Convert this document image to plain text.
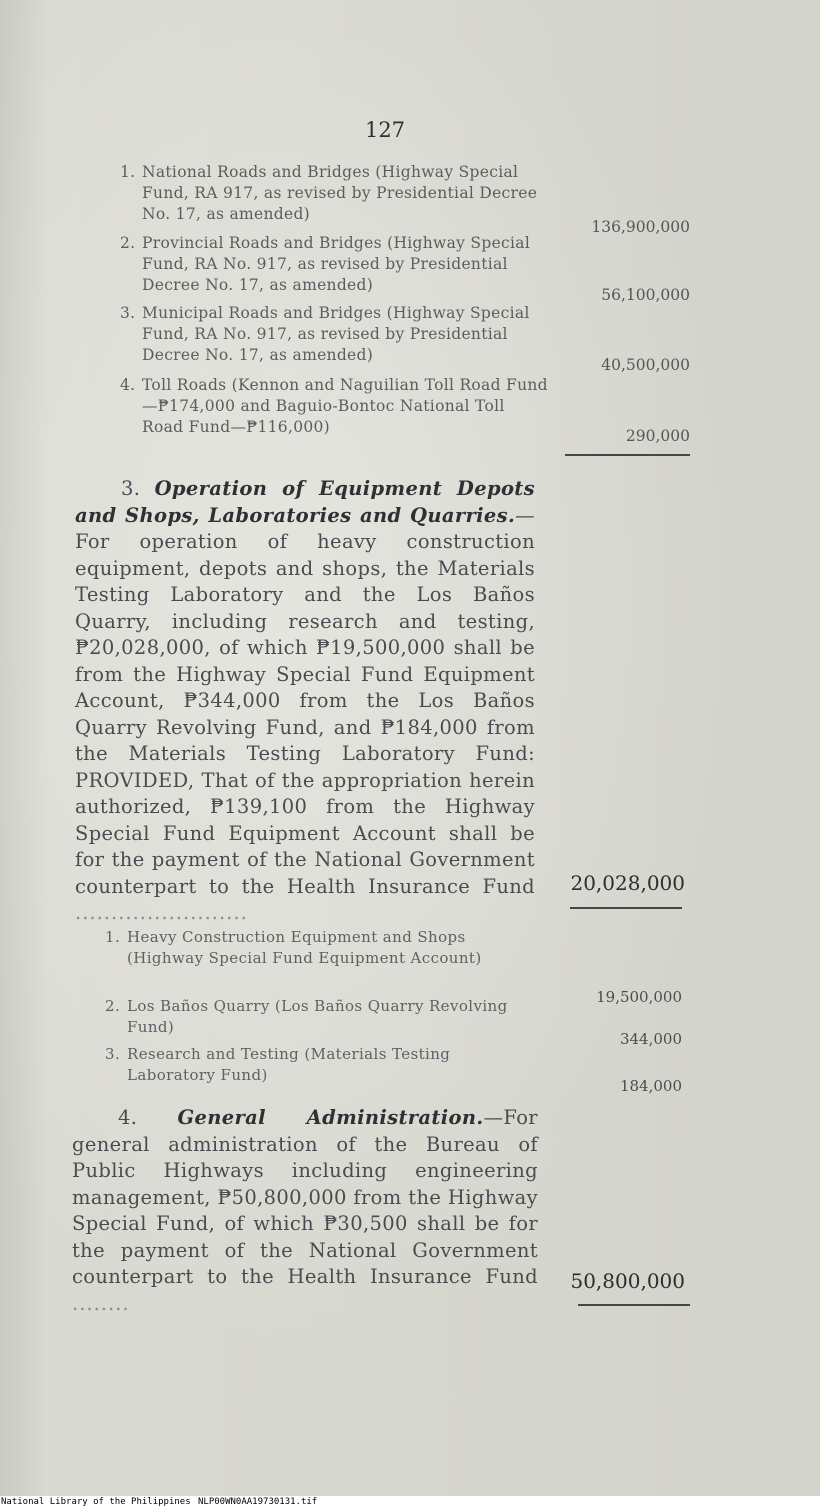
127
1. National Roads and Bridges (Highway Special Fund, RA 917, as revised by Presidential Decree No. 17, as amended)
136,900,000
2. Provincial Roads and Bridges (Highway Special Fund, RA No. 917, as revised by Presidential Decree No. 17, as amended)
56,100,000
3. Municipal Roads and Bridges (Highway Special Fund, RA No. 917, as revised by Presidential Decree No. 17, as amended)
40,500,000
4. Toll Roads (Kennon and Naguilian Toll Road Fund—₱174,000 and Baguio-Bontoc National Toll Road Fund—₱116,000)	290,000
3. Operation of Equipment Depots and Shops, Laboratories and Quarries.—For operation of heavy construction equipment, depots and shops, the Materials Testing Laboratory and the Los Baños Quarry, including research and testing, ₱20,028,000, of which ₱19,500,000 shall be from the Highway Special Fund Equipment Account, ₱344,000 from the Los Baños Quarry Revolving Fund, and ₱184,000 from the Materials Testing Laboratory Fund: PROVIDED, That of the appropriation herein authorized, ₱139,100 from the Highway Special Fund Equipment Account shall be for the payment of the National Government counterpart to the Health Insurance Fund ........................
20,028,000
1. Heavy Construction Equipment and Shops (Highway Special Fund Equipment Account)
19,500,000
2. Los Baños Quarry (Los Baños Quarry Revolving Fund)
344,000
3. Research and Testing (Materials Testing Laboratory Fund)
184,000
4. General Administration.—For general administration of the Bureau of Public Highways including engineering management, ₱50,800,000 from the Highway Special Fund, of which ₱30,500 shall be for the payment of the National Government counterpart to the Health Insurance Fund ........
50,800,000
National Library of the Philippines NLP00WN0AA19730131.tif
